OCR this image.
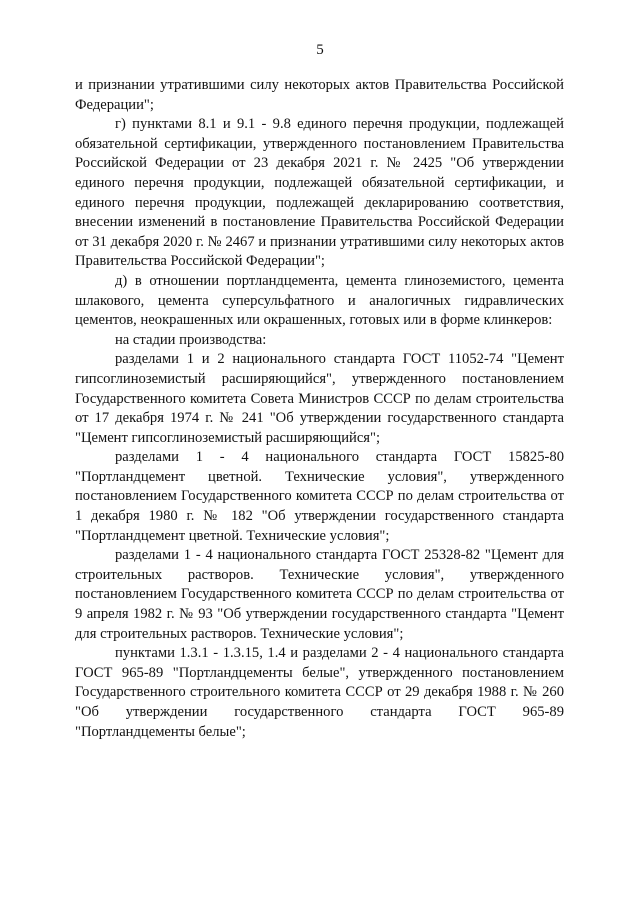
5

и признании утратившими силу некоторых актов Правительства Российской Федерации";

г) пунктами 8.1 и 9.1 - 9.8 единого перечня продукции, подлежащей обязательной сертификации, утвержденного постановлением Правительства Российской Федерации от 23 декабря 2021 г. № 2425 "Об утверждении единого перечня продукции, подлежащей обязательной сертификации, и единого перечня продукции, подлежащей декларированию соответствия, внесении изменений в постановление Правительства Российской Федерации от 31 декабря 2020 г. № 2467 и признании утратившими силу некоторых актов Правительства Российской Федерации";

д) в отношении портландцемента, цемента глиноземистого, цемента шлакового, цемента суперсульфатного и аналогичных гидравлических цементов, неокрашенных или окрашенных, готовых или в форме клинкеров:

на стадии производства:

разделами 1 и 2 национального стандарта ГОСТ 11052-74 "Цемент гипсоглиноземистый расширяющийся", утвержденного постановлением Государственного комитета Совета Министров СССР по делам строительства от 17 декабря 1974 г. № 241 "Об утверждении государственного стандарта "Цемент гипсоглиноземистый расширяющийся";

разделами 1 - 4 национального стандарта ГОСТ 15825-80 "Портландцемент цветной. Технические условия", утвержденного постановлением Государственного комитета СССР по делам строительства от 1 декабря 1980 г. № 182 "Об утверждении государственного стандарта "Портландцемент цветной. Технические условия";

разделами 1 - 4 национального стандарта ГОСТ 25328-82 "Цемент для строительных растворов. Технические условия", утвержденного постановлением Государственного комитета СССР по делам строительства от 9 апреля 1982 г. № 93 "Об утверждении государственного стандарта "Цемент для строительных растворов. Технические условия";

пунктами 1.3.1 - 1.3.15, 1.4 и разделами 2 - 4 национального стандарта ГОСТ 965-89 "Портландцементы белые", утвержденного постановлением Государственного строительного комитета СССР от 29 декабря 1988 г. № 260 "Об утверждении государственного стандарта ГОСТ 965-89 "Портландцементы белые";
